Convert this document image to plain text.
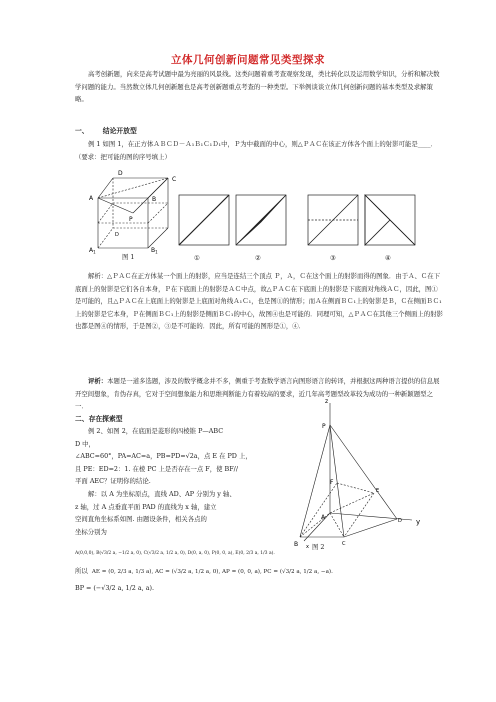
立体几何创新问题常见类型探求

高考创新题，向来是高考试题中最为亮丽的风景线。这类问题着重考查观察发现，类比转化以及运用数学知识，分析和解决数学问题的能力。当然数立体几何创新题也是高考创新题重点考查的一种类型。下举例谈谈立体几何创新问题的基本类型及求解策略。

一、 结论开放型

例 1 如图 1，在正方体ＡＢＣＤ－Ａ₁Ｂ₁Ｃ₁Ｄ₁中，Ｐ为中截面的中心，则△ＰＡＣ在该正方体各个面上的射影可能是____．（要求：把可能的图的序号填上）

D
C
A	B
P
D
$A_1$	$B_1$
图 1	①	②	③	④

解析：△ＰＡＣ在正方体某一个面上的射影，应当是连结三个顶点 Ｐ，Ａ，Ｃ在这个面上的射影而得的图象．由于Ａ、Ｃ在下底面上的射影是它们各自本身，Ｐ在下底面上的射影是ＡＣ中点，故△ＰＡＣ在下底面上的射影是下底面对角线ＡＣ，因此，图①是可能的，且△ＰＡＣ在上底面上的射影是上底面对角线Ａ₁Ｃ₁，也是图①的情形；而Ａ在侧面ＢＣ₁上的射影是Ｂ，Ｃ在侧面ＢＣ₁上的射影是它本身，Ｐ在侧面ＢＣ₁上的射影是侧面ＢＣ₁的中心，故图④也是可能的．同理可知，△ＰＡＣ在其他三个侧面上的射影也都是图④的情形，于是图②，③是不可能的．因此，所有可能的图形是①，④．

评析：本题是一道多选题，涉及的数学概念并不多，侧重于考查数学语言向图形语言的转译，并根据这两种语言提供的信息展开空间想象，肯伪存真，它对于空间想象能力和思维判断能力有着较高的要求，近几年高考题型改革较为成功的一种新颖题型之一．

二、存在探索型
例 2、如图 2，在底面是菱形的四棱锥 P—ABC
D 中，
∠ABC=60°，PA=AC=a，PB=PD=√2a，点 E 在 PD 上，
且 PE：ED=2：1. 在棱 PC 上是否存在一点 F，使 BF//
平面 AEC？证明你的结论.
解：以 A 为坐标原点，直线 AD、AP 分别为 y 轴、
z 轴，过 A 点垂直平面 PAD 的直线为 x 轴，建立
空间直角坐标系如图. 由题设条件，相关各点的
坐标分别为
z
P
F
E
A	D
B x	C
y
图 2
A(0,0,0), B(√3/2 a, −1/2 a, 0), C(√3/2 a, 1/2 a, 0), D(0, a, 0), P(0, 0, a), E(0, 2/3 a, 1/3 a).
所以 AE = (0, 2/3 a, 1/3 a), AC = (√3/2 a, 1/2 a, 0), AP = (0, 0, a), PC = (√3/2 a, 1/2 a, −a).
BP = (−√3/2 a, 1/2 a, a).
